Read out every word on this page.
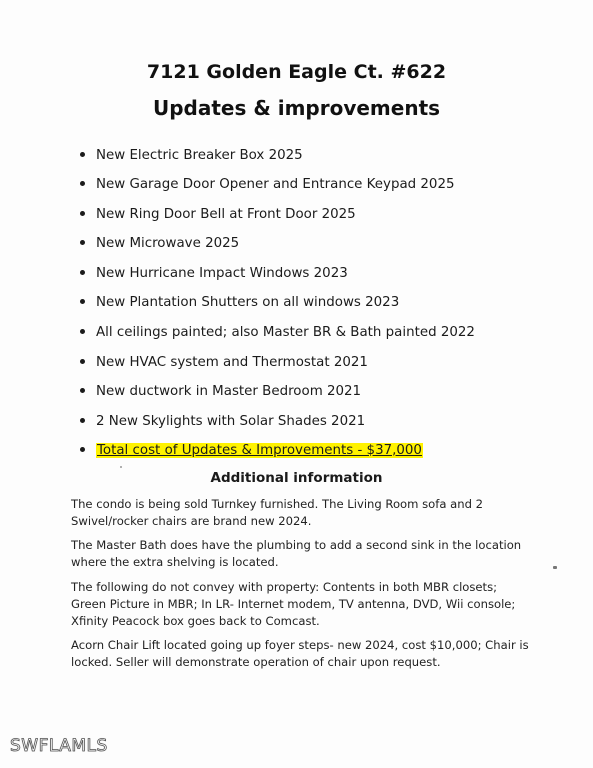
7121 Golden Eagle Ct. #622
Updates & improvements
New Electric Breaker Box 2025
New Garage Door Opener and Entrance Keypad 2025
New Ring Door Bell at Front Door 2025
New Microwave 2025
New Hurricane Impact Windows 2023
New Plantation Shutters on all windows 2023
All ceilings painted; also Master BR & Bath painted 2022
New HVAC system and Thermostat 2021
New ductwork in Master Bedroom 2021
2 New Skylights with Solar Shades 2021
Total cost of Updates & Improvements - $37,000
Additional information

The condo is being sold Turnkey furnished. The Living Room sofa and 2 Swivel/rocker chairs are brand new 2024.

The Master Bath does have the plumbing to add a second sink in the location where the extra shelving is located.

The following do not convey with property: Contents in both MBR closets; Green Picture in MBR; In LR- Internet modem, TV antenna, DVD, Wii console; Xfinity Peacock box goes back to Comcast.

Acorn Chair Lift located going up foyer steps- new 2024, cost $10,000; Chair is locked. Seller will demonstrate operation of chair upon request.

SWFLAMLS
